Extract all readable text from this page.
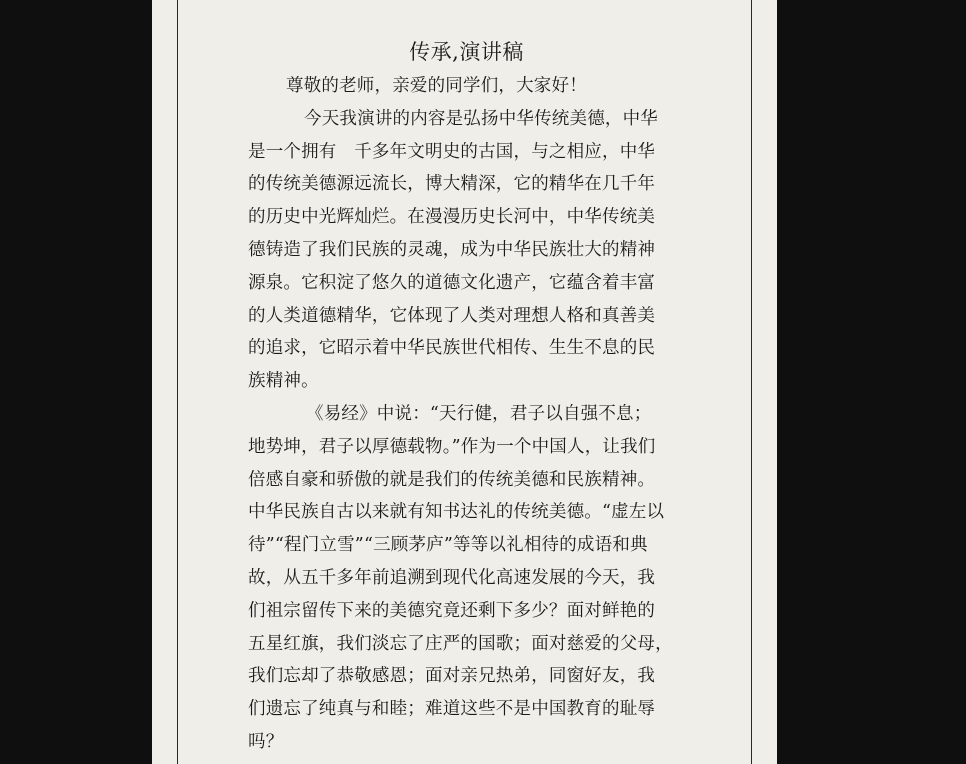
传承,演讲稿
尊敬的老师，亲爱的同学们，大家好！
今天我演讲的内容是弘扬中华传统美德，中华
是一个拥有　千多年文明史的古国，与之相应，中华
的传统美德源远流长，博大精深，它的精华在几千年
的历史中光辉灿烂。在漫漫历史长河中，中华传统美
德铸造了我们民族的灵魂，成为中华民族壮大的精神
源泉。它积淀了悠久的道德文化遗产，它蕴含着丰富
的人类道德精华，它体现了人类对理想人格和真善美
的追求，它昭示着中华民族世代相传、生生不息的民
族精神。
《易经》中说：“天行健，君子以自强不息；
地势坤，君子以厚德载物。”作为一个中国人，让我们
倍感自豪和骄傲的就是我们的传统美德和民族精神。
中华民族自古以来就有知书达礼的传统美德。“虚左以
待”“程门立雪”“三顾茅庐”等等以礼相待的成语和典
故，从五千多年前追溯到现代化高速发展的今天，我
们祖宗留传下来的美德究竟还剩下多少？面对鲜艳的
五星红旗，我们淡忘了庄严的国歌；面对慈爱的父母，
我们忘却了恭敬感恩；面对亲兄热弟，同窗好友，我
们遗忘了纯真与和睦；难道这些不是中国教育的耻辱
吗？
